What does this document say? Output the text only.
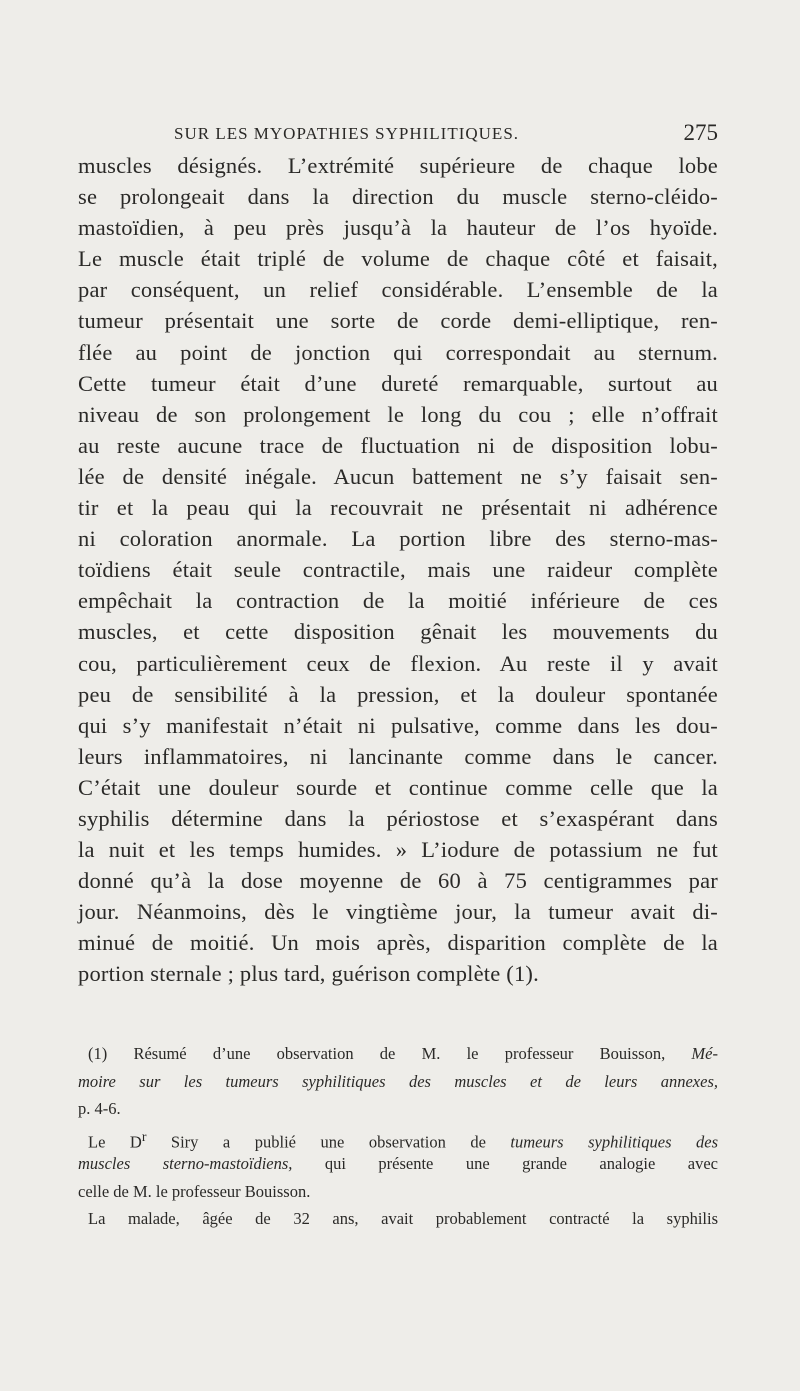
SUR LES MYOPATHIES SYPHILITIQUES.	275
muscles désignés. L’extrémité supérieure de chaque lobe
se prolongeait dans la direction du muscle sterno-cléido-
mastoïdien, à peu près jusqu’à la hauteur de l’os hyoïde.
Le muscle était triplé de volume de chaque côté et faisait,
par conséquent, un relief considérable. L’ensemble de la
tumeur présentait une sorte de corde demi-elliptique, ren-
flée au point de jonction qui correspondait au sternum.
Cette tumeur était d’une dureté remarquable, surtout au
niveau de son prolongement le long du cou ; elle n’offrait
au reste aucune trace de fluctuation ni de disposition lobu-
lée de densité inégale. Aucun battement ne s’y faisait sen-
tir et la peau qui la recouvrait ne présentait ni adhérence
ni coloration anormale. La portion libre des sterno-mas-
toïdiens était seule contractile, mais une raideur complète
empêchait la contraction de la moitié inférieure de ces
muscles, et cette disposition gênait les mouvements du
cou, particulièrement ceux de flexion. Au reste il y avait
peu de sensibilité à la pression, et la douleur spontanée
qui s’y manifestait n’était ni pulsative, comme dans les dou-
leurs inflammatoires, ni lancinante comme dans le cancer.
C’était une douleur sourde et continue comme celle que la
syphilis détermine dans la périostose et s’exaspérant dans
la nuit et les temps humides. » L’iodure de potassium ne fut
donné qu’à la dose moyenne de 60 à 75 centigrammes par
jour. Néanmoins, dès le vingtième jour, la tumeur avait di-
minué de moitié. Un mois après, disparition complète de la
portion sternale ; plus tard, guérison complète (1).
(1) Résumé d’une observation de M. le professeur Bouisson, Mé-
moire sur les tumeurs syphilitiques des muscles et de leurs annexes,
p. 4-6.
Le $D^r$ Siry a publié une observation de tumeurs syphilitiques des
muscles sterno-mastoïdiens, qui présente une grande analogie avec
celle de M. le professeur Bouisson.
La malade, âgée de 32 ans, avait probablement contracté la syphilis
